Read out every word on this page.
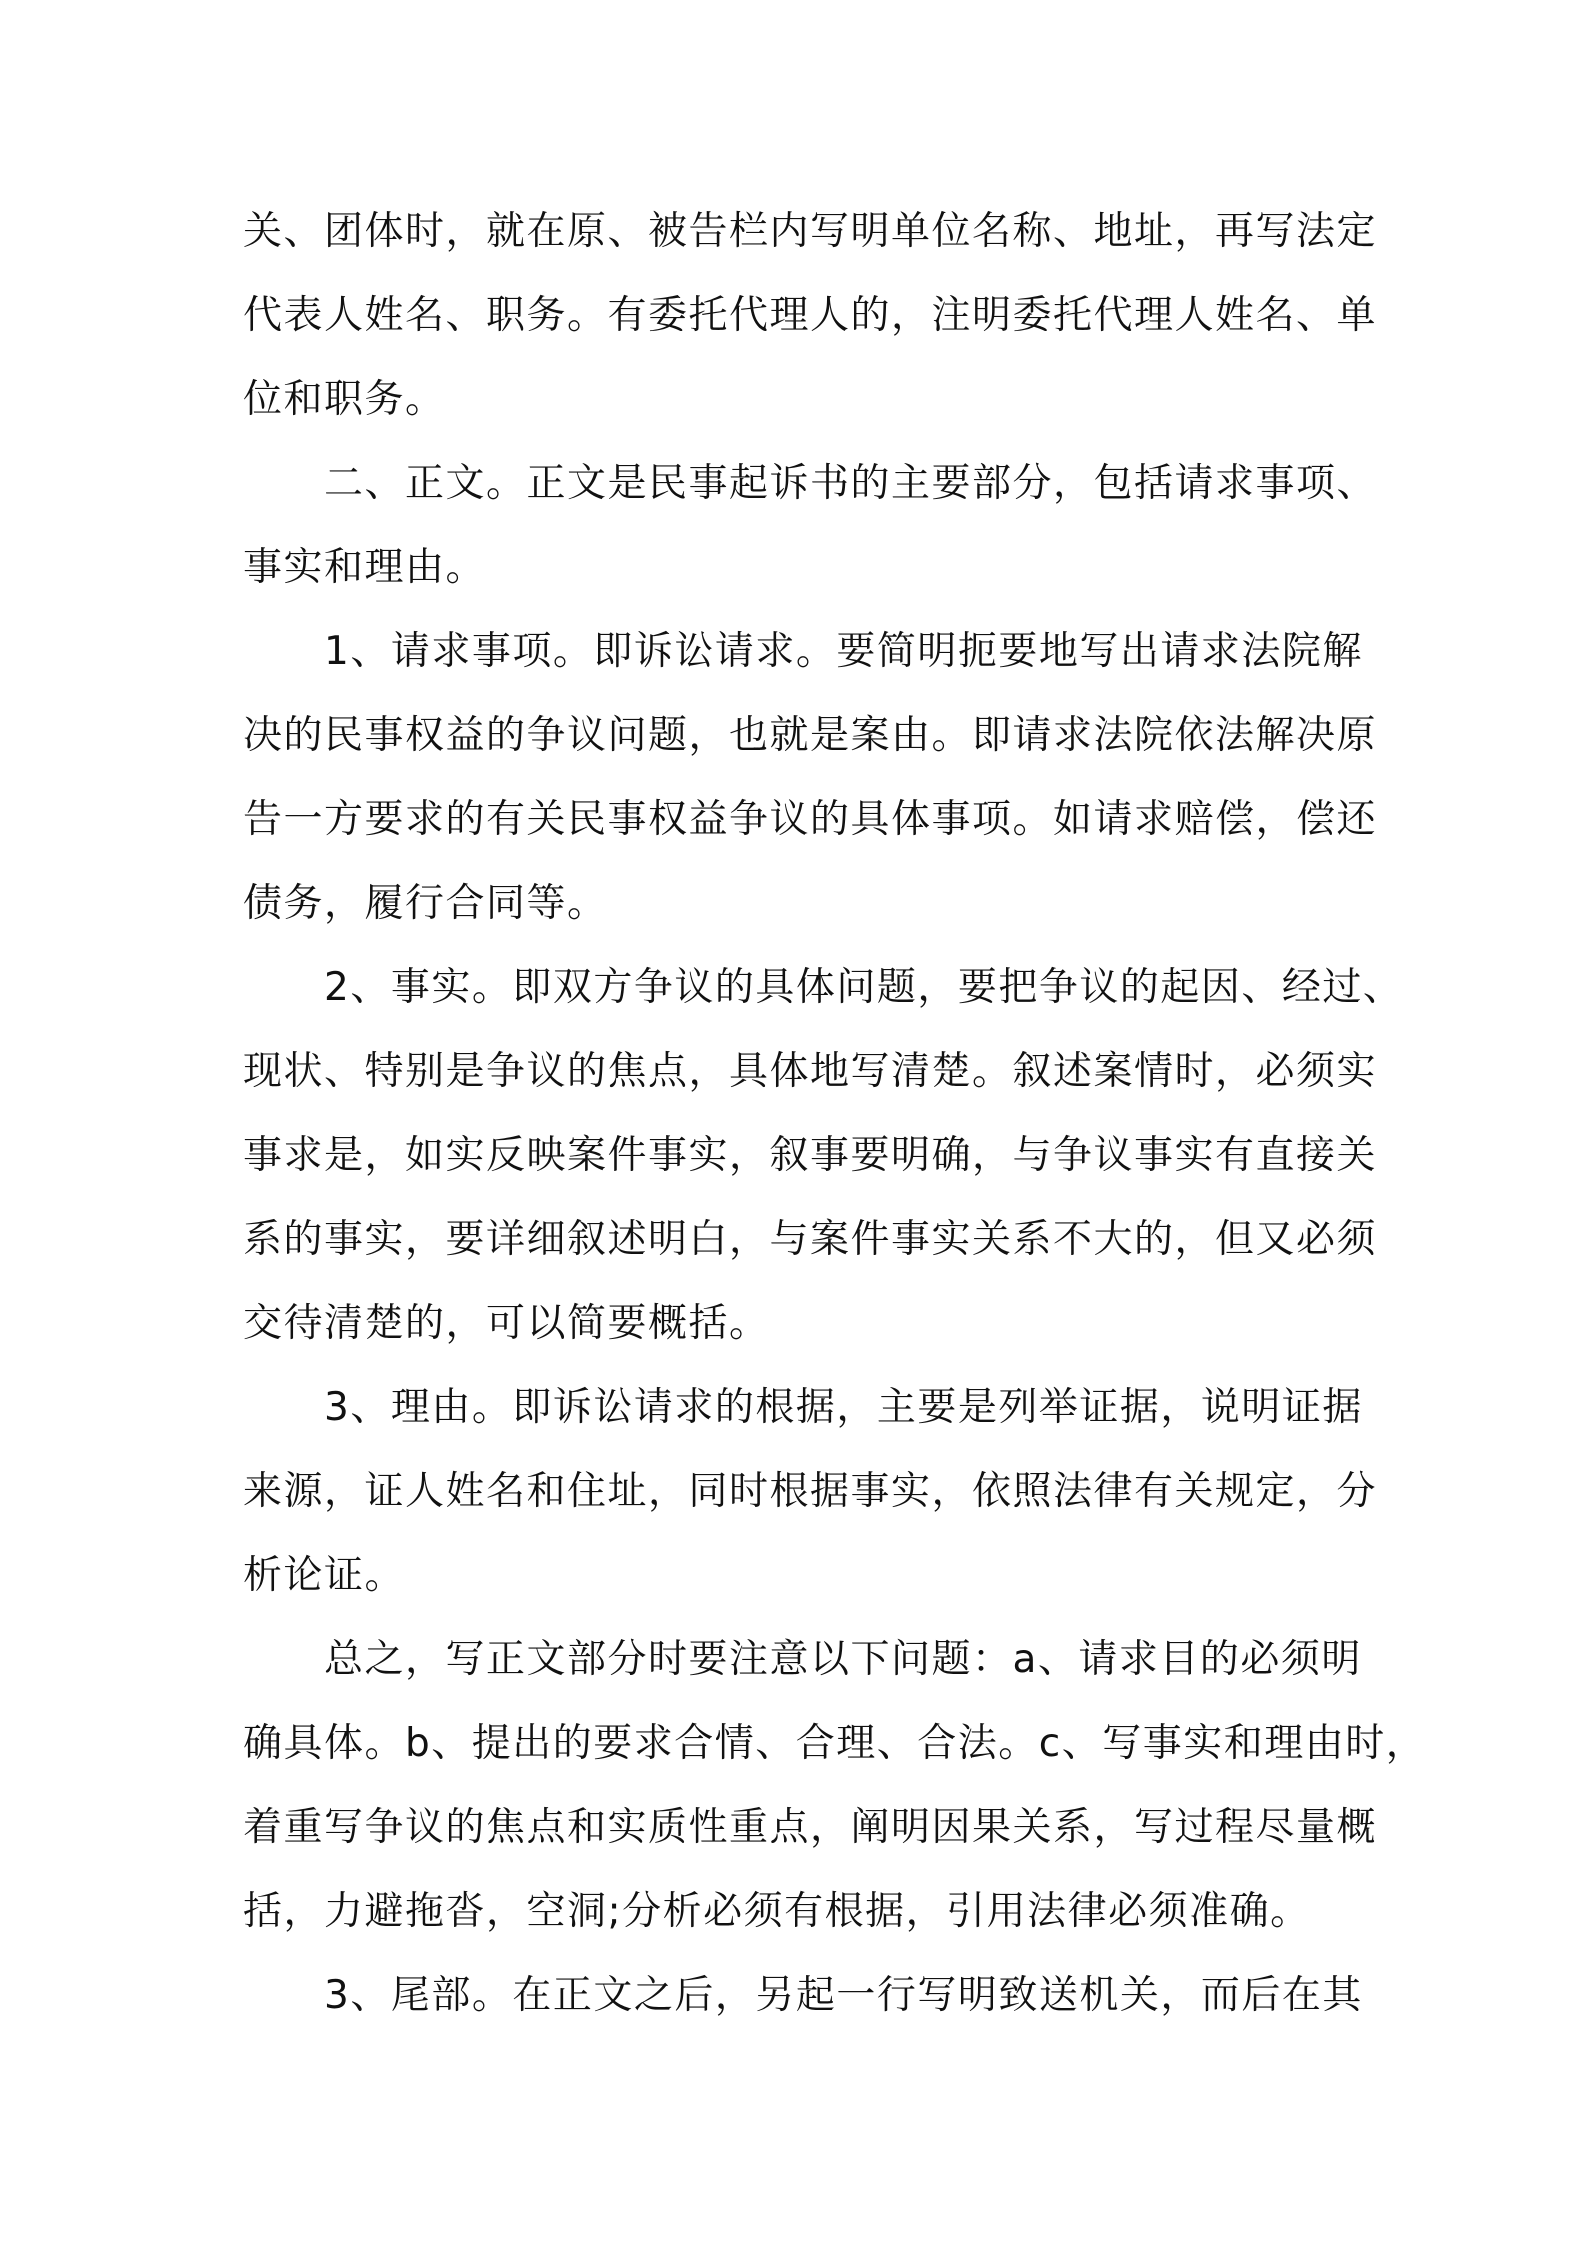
关、团体时，就在原、被告栏内写明单位名称、地址，再写法定
代表人姓名、职务。有委托代理人的，注明委托代理人姓名、单
位和职务。
二、正文。正文是民事起诉书的主要部分，包括请求事项、
事实和理由。
1、请求事项。即诉讼请求。要简明扼要地写出请求法院解
决的民事权益的争议问题，也就是案由。即请求法院依法解决原
告一方要求的有关民事权益争议的具体事项。如请求赔偿，偿还
债务，履行合同等。
2、事实。即双方争议的具体问题，要把争议的起因、经过、
现状、特别是争议的焦点，具体地写清楚。叙述案情时，必须实
事求是，如实反映案件事实，叙事要明确，与争议事实有直接关
系的事实，要详细叙述明白，与案件事实关系不大的，但又必须
交待清楚的，可以简要概括。
3、理由。即诉讼请求的根据，主要是列举证据，说明证据
来源，证人姓名和住址，同时根据事实，依照法律有关规定，分
析论证。
总之，写正文部分时要注意以下问题：a、请求目的必须明
确具体。b、提出的要求合情、合理、合法。c、写事实和理由时，
着重写争议的焦点和实质性重点，阐明因果关系，写过程尽量概
括，力避拖沓，空洞;分析必须有根据，引用法律必须准确。
3、尾部。在正文之后，另起一行写明致送机关，而后在其
